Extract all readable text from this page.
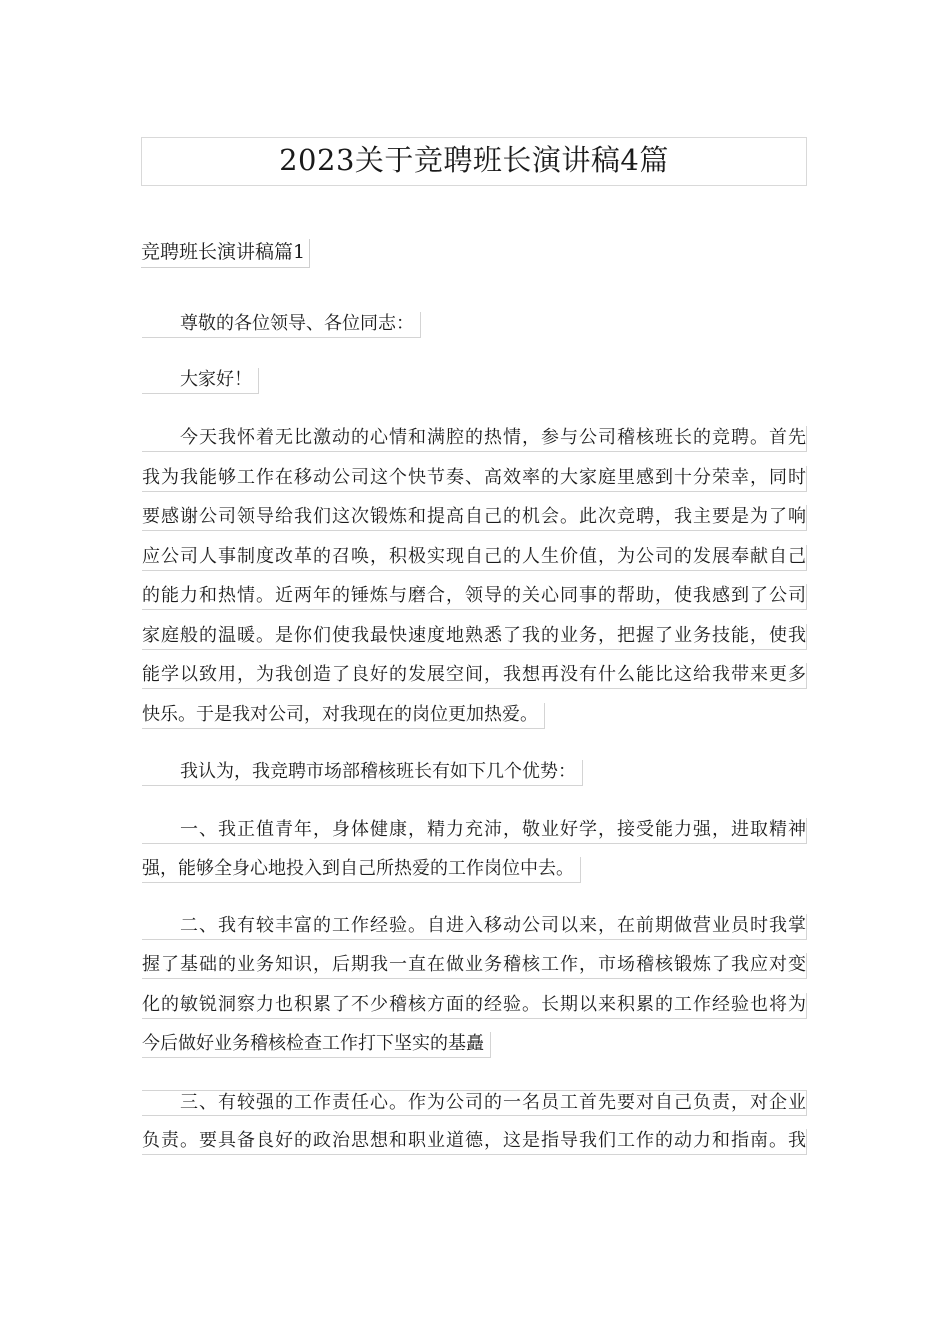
2023关于竞聘班长演讲稿4篇
竞聘班长演讲稿篇1
尊敬的各位领导、各位同志：
大家好！
今天我怀着无比激动的心情和满腔的热情，参与公司稽核班长的竞聘。首先
我为我能够工作在移动公司这个快节奏、高效率的大家庭里感到十分荣幸，同时
要感谢公司领导给我们这次锻炼和提高自己的机会。此次竞聘，我主要是为了响
应公司人事制度改革的召唤，积极实现自己的人生价值，为公司的发展奉献自己
的能力和热情。近两年的锤炼与磨合，领导的关心同事的帮助，使我感到了公司
家庭般的温暖。是你们使我最快速度地熟悉了我的业务，把握了业务技能，使我
能学以致用，为我创造了良好的发展空间，我想再没有什么能比这给我带来更多
快乐。于是我对公司，对我现在的岗位更加热爱。
我认为，我竞聘市场部稽核班长有如下几个优势：
一、我正值青年，身体健康，精力充沛，敬业好学，接受能力强，进取精神
强，能够全身心地投入到自己所热爱的工作岗位中去。
二、我有较丰富的工作经验。自进入移动公司以来，在前期做营业员时我掌
握了基础的业务知识，后期我一直在做业务稽核工作，市场稽核锻炼了我应对变
化的敏锐洞察力也积累了不少稽核方面的经验。长期以来积累的工作经验也将为
今后做好业务稽核检查工作打下坚实的基矗
三、有较强的工作责任心。作为公司的一名员工首先要对自己负责，对企业
负责。要具备良好的政治思想和职业道德，这是指导我们工作的动力和指南。我
